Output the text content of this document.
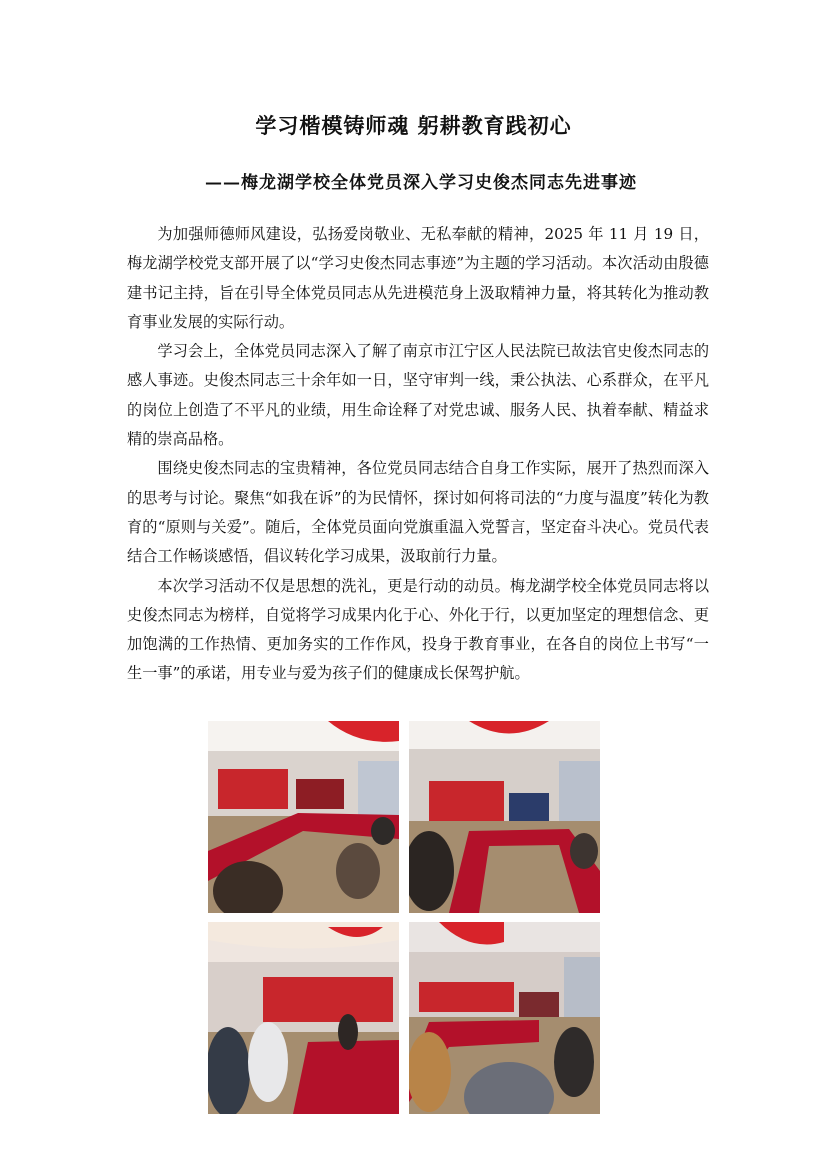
学习楷模铸师魂 躬耕教育践初心
——梅龙湖学校全体党员深入学习史俊杰同志先进事迹

为加强师德师风建设，弘扬爱岗敬业、无私奉献的精神，2025 年 11 月 19 日，梅龙湖学校党支部开展了以“学习史俊杰同志事迹”为主题的学习活动。本次活动由殷德建书记主持，旨在引导全体党员同志从先进模范身上汲取精神力量，将其转化为推动教育事业发展的实际行动。

学习会上，全体党员同志深入了解了南京市江宁区人民法院已故法官史俊杰同志的感人事迹。史俊杰同志三十余年如一日，坚守审判一线，秉公执法、心系群众，在平凡的岗位上创造了不平凡的业绩，用生命诠释了对党忠诚、服务人民、执着奉献、精益求精的崇高品格。

围绕史俊杰同志的宝贵精神，各位党员同志结合自身工作实际，展开了热烈而深入的思考与讨论。聚焦“如我在诉”的为民情怀，探讨如何将司法的“力度与温度”转化为教育的“原则与关爱”。随后，全体党员面向党旗重温入党誓言，坚定奋斗决心。党员代表结合工作畅谈感悟，倡议转化学习成果，汲取前行力量。

本次学习活动不仅是思想的洗礼，更是行动的动员。梅龙湖学校全体党员同志将以史俊杰同志为榜样，自觉将学习成果内化于心、外化于行，以更加坚定的理想信念、更加饱满的工作热情、更加务实的工作作风，投身于教育事业，在各自的岗位上书写“一生一事”的承诺，用专业与爱为孩子们的健康成长保驾护航。
